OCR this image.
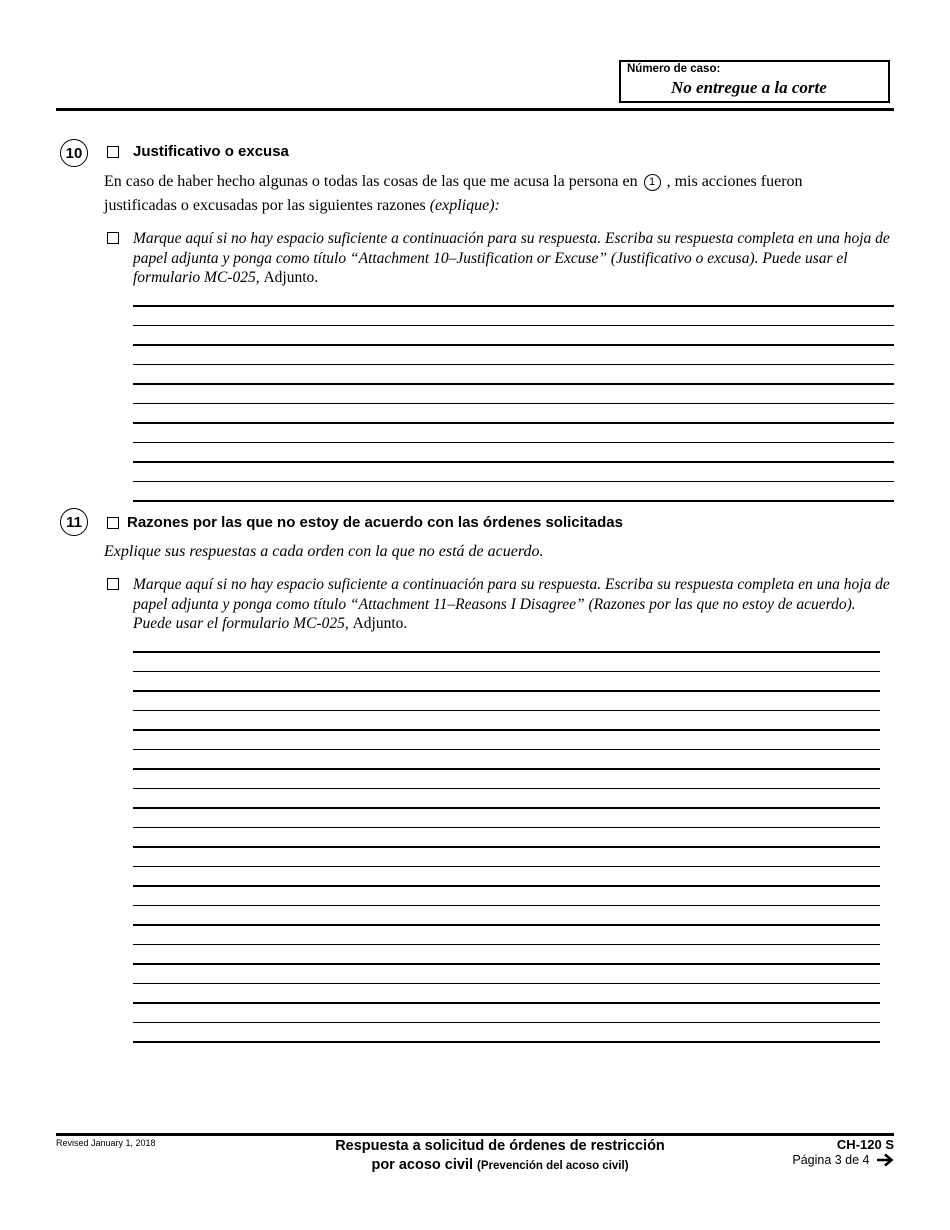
Número de caso:
No entregue a la corte
10	Justificativo o excusa
En caso de haber hecho algunas o todas las cosas de las que me acusa la persona en 1 , mis acciones fueron
justificadas o excusadas por las siguientes razones (explique):
Marque aquí si no hay espacio suficiente a continuación para su respuesta. Escriba su respuesta completa en una hoja de papel adjunta y ponga como título “Attachment 10–Justification or Excuse” (Justificativo o excusa). Puede usar el formulario MC-025, Adjunto.
11	Razones por las que no estoy de acuerdo con las órdenes solicitadas
Explique sus respuestas a cada orden con la que no está de acuerdo.
Marque aquí si no hay espacio suficiente a continuación para su respuesta. Escriba su respuesta completa en una hoja de papel adjunta y ponga como título “Attachment 11–Reasons I Disagree” (Razones por las que no estoy de acuerdo). Puede usar el formulario MC-025, Adjunto.
Revised January 1, 2018	Respuesta a solicitud de órdenes de restricción
por acoso civil (Prevención del acoso civil)
CH-120 S
Página 3 de 4
